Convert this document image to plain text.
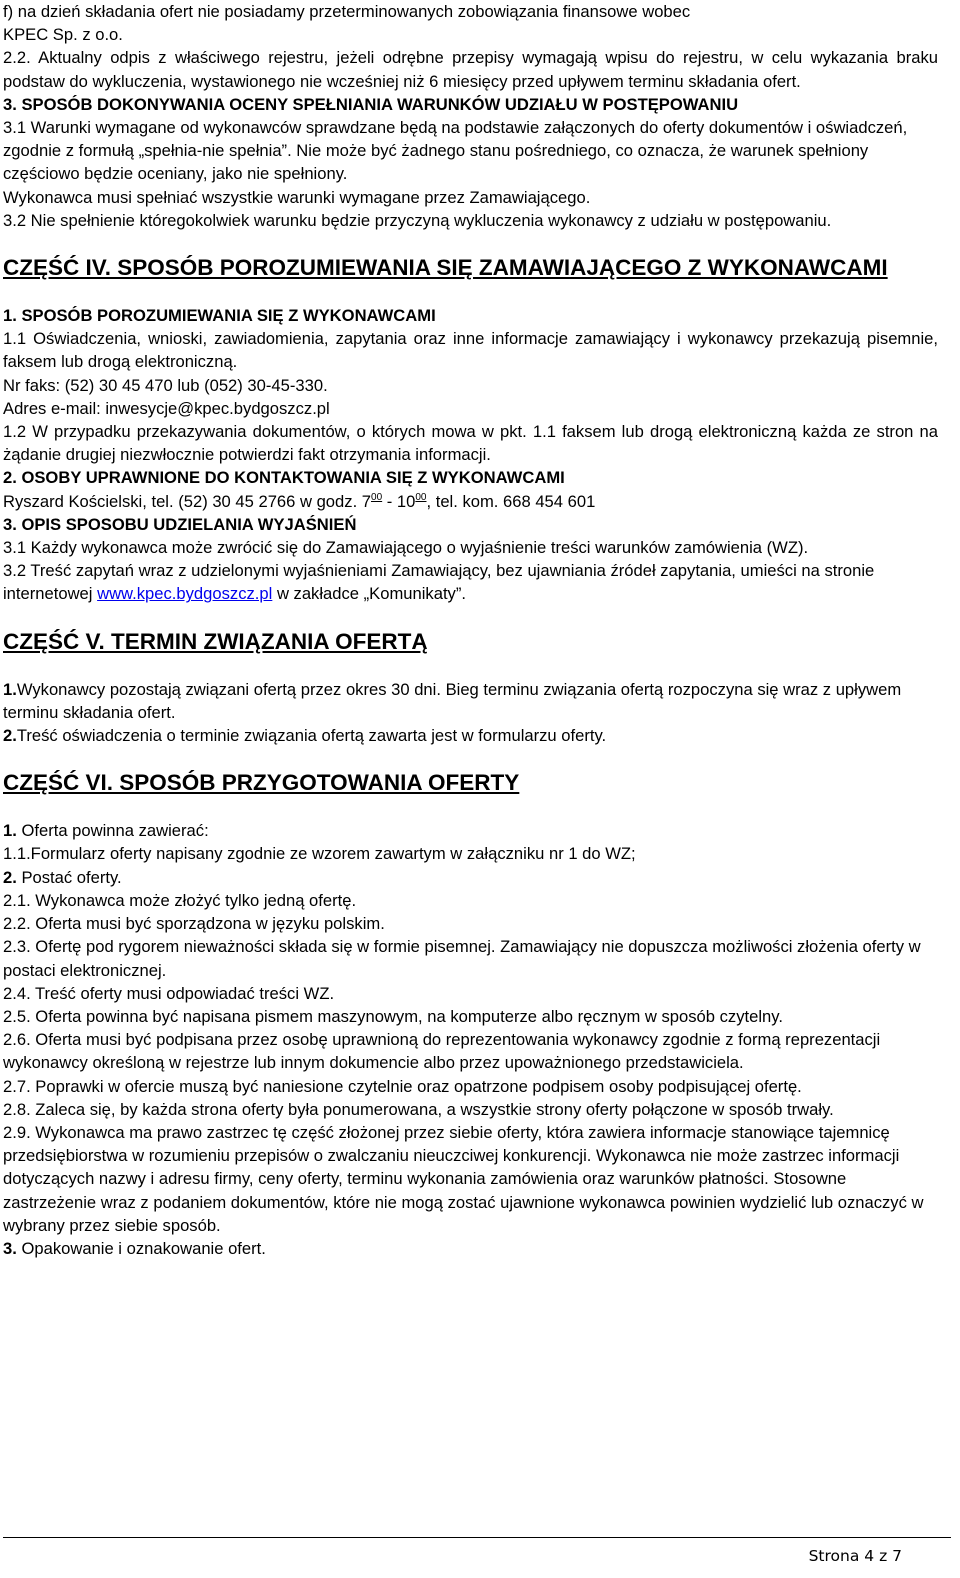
f) na dzień składania ofert nie posiadamy przeterminowanych zobowiązania finansowe wobec

KPEC Sp. z o.o.

2.2. Aktualny odpis z właściwego rejestru, jeżeli odrębne przepisy wymagają wpisu do rejestru, w celu wykazania braku podstaw do wykluczenia, wystawionego nie wcześniej niż 6 miesięcy przed upływem terminu składania ofert.

3. SPOSÓB DOKONYWANIA OCENY SPEŁNIANIA WARUNKÓW UDZIAŁU W POSTĘPOWANIU

3.1 Warunki wymagane od wykonawców sprawdzane będą na podstawie załączonych do oferty dokumentów i oświadczeń, zgodnie z formułą „spełnia-nie spełnia”. Nie może być żadnego stanu pośredniego, co oznacza, że warunek spełniony częściowo będzie oceniany, jako nie spełniony.

Wykonawca musi spełniać wszystkie warunki wymagane przez Zamawiającego.

3.2 Nie spełnienie któregokolwiek warunku będzie przyczyną wykluczenia wykonawcy z udziału w postępowaniu.

CZĘŚĆ IV. SPOSÓB POROZUMIEWANIA SIĘ ZAMAWIAJĄCEGO Z WYKONAWCAMI

1. SPOSÓB POROZUMIEWANIA SIĘ Z WYKONAWCAMI

1.1 Oświadczenia, wnioski, zawiadomienia, zapytania oraz inne informacje zamawiający i wykonawcy przekazują pisemnie, faksem lub drogą elektroniczną.

Nr faks: (52) 30 45 470 lub (052) 30-45-330.

Adres e-mail: inwesycje@kpec.bydgoszcz.pl

1.2 W przypadku przekazywania dokumentów, o których mowa w pkt. 1.1 faksem lub drogą elektroniczną każda ze stron na żądanie drugiej niezwłocznie potwierdzi fakt otrzymania informacji.

2. OSOBY UPRAWNIONE DO KONTAKTOWANIA SIĘ Z WYKONAWCAMI

Ryszard Kościelski, tel. (52) 30 45 2766 w godz. $7^{00} - 10^{00}$, tel. kom. 668 454 601

3. OPIS SPOSOBU UDZIELANIA WYJAŚNIEŃ

3.1 Każdy wykonawca może zwrócić się do Zamawiającego o wyjaśnienie treści warunków zamówienia (WZ).

3.2 Treść zapytań wraz z udzielonymi wyjaśnieniami Zamawiający, bez ujawniania źródeł zapytania, umieści na stronie internetowej www.kpec.bydgoszcz.pl w zakładce „Komunikaty”.

CZĘŚĆ V. TERMIN ZWIĄZANIA OFERTĄ

1.Wykonawcy pozostają związani ofertą przez okres 30 dni. Bieg terminu związania ofertą rozpoczyna się wraz z upływem terminu składania ofert.

2.Treść oświadczenia o terminie związania ofertą zawarta jest w formularzu oferty.

CZĘŚĆ VI. SPOSÓB PRZYGOTOWANIA OFERTY

1. Oferta powinna zawierać:

1.1.Formularz oferty napisany zgodnie ze wzorem zawartym w załączniku nr 1 do WZ;

2. Postać oferty.

2.1. Wykonawca może złożyć tylko jedną ofertę.

2.2. Oferta musi być sporządzona w języku polskim.

2.3. Ofertę pod rygorem nieważności składa się w formie pisemnej. Zamawiający nie dopuszcza możliwości złożenia oferty w postaci elektronicznej.

2.4. Treść oferty musi odpowiadać treści WZ.

2.5. Oferta powinna być napisana pismem maszynowym, na komputerze albo ręcznym w sposób czytelny.

2.6. Oferta musi być podpisana przez osobę uprawnioną do reprezentowania wykonawcy zgodnie z formą reprezentacji wykonawcy określoną w rejestrze lub innym dokumencie albo przez upoważnionego przedstawiciela.

2.7. Poprawki w ofercie muszą być naniesione czytelnie oraz opatrzone podpisem osoby podpisującej ofertę.

2.8. Zaleca się, by każda strona oferty była ponumerowana, a wszystkie strony oferty połączone w sposób trwały.

2.9. Wykonawca ma prawo zastrzec tę część złożonej przez siebie oferty, która zawiera informacje stanowiące tajemnicę przedsiębiorstwa w rozumieniu przepisów o zwalczaniu nieuczciwej konkurencji. Wykonawca nie może zastrzec informacji dotyczących nazwy i adresu firmy, ceny oferty, terminu wykonania zamówienia oraz warunków płatności. Stosowne zastrzeżenie wraz z podaniem dokumentów, które nie mogą zostać ujawnione wykonawca powinien wydzielić lub oznaczyć w wybrany przez siebie sposób.

3. Opakowanie i oznakowanie ofert.

Strona 4 z 7
